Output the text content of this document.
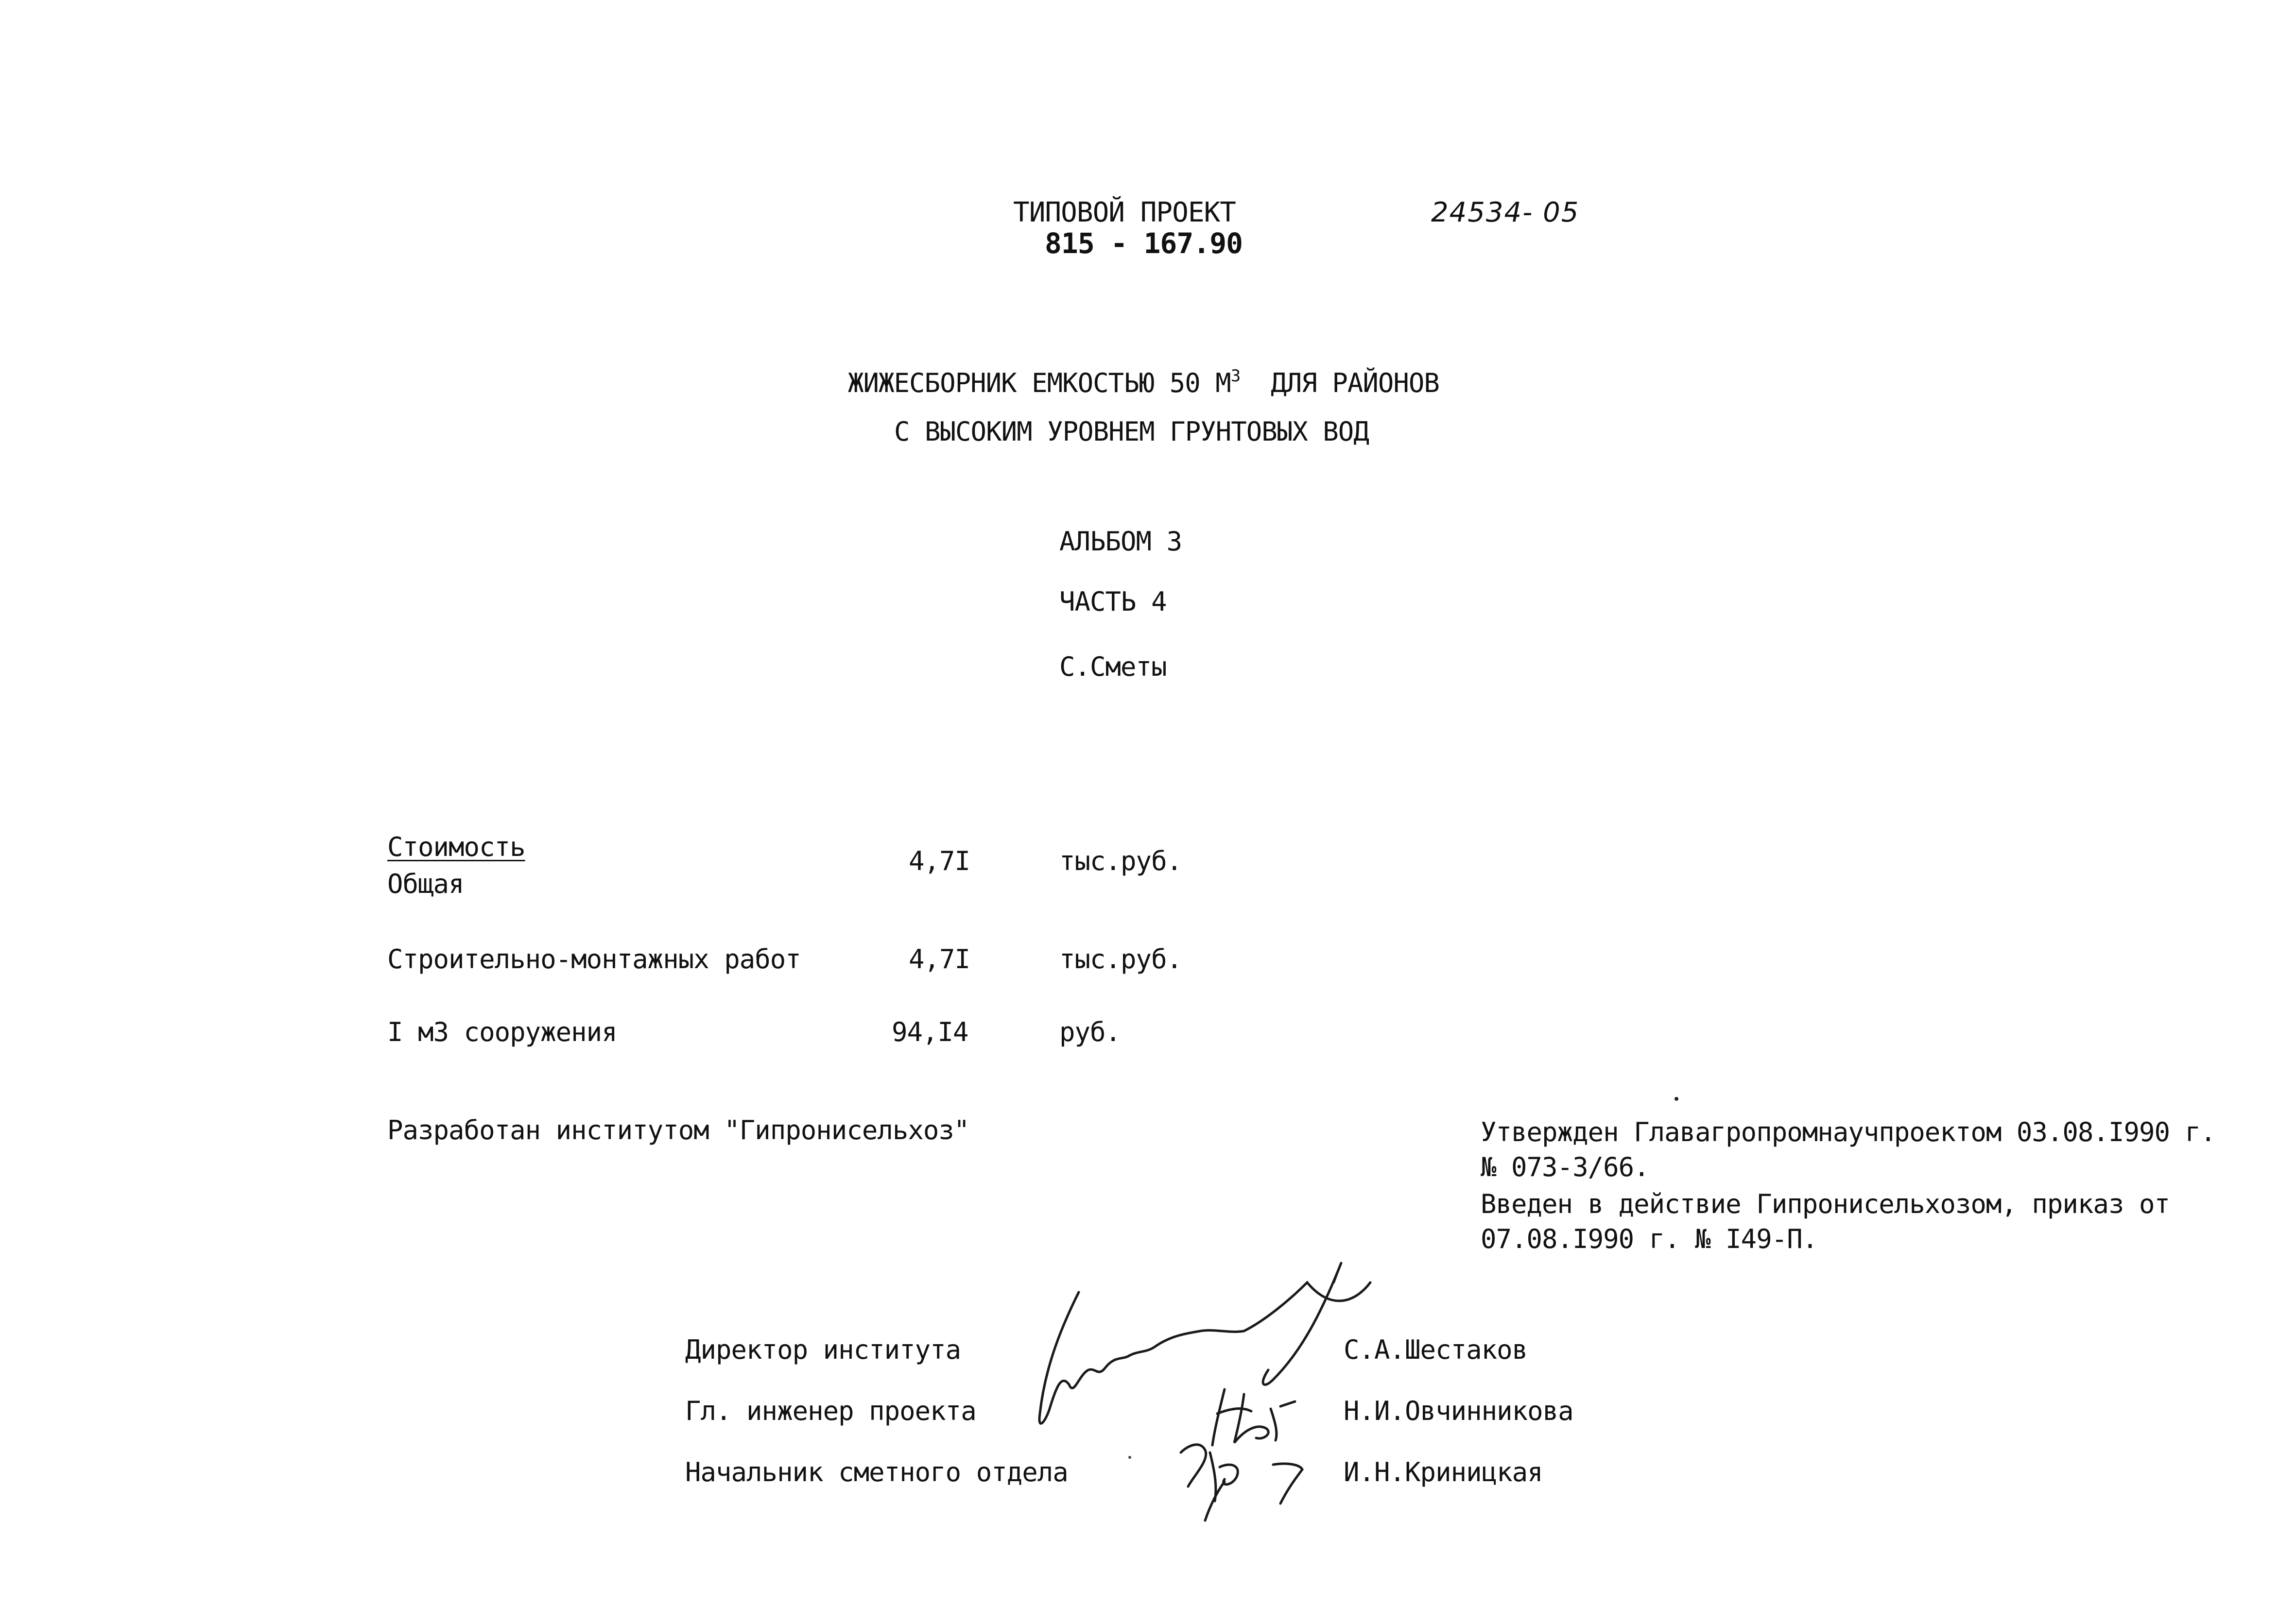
ТИПОВОЙ ПРОЕКТ
815 - 167.90
24534- 05
ЖИЖЕСБОРНИК ЕМКОСТЬЮ 50 $М^3$ ДЛЯ РАЙОНОВ
С ВЫСОКИМ УРОВНЕМ ГРУНТОВЫХ ВОД
АЛЬБОМ 3
ЧАСТЬ 4
С.Сметы
Стоимость
Общая
4,7I	тыс.руб.
Строительно-монтажных работ	4,7I	тыс.руб.
I м3 сооружения	94,I4	руб.
Разработан институтом "Гипронисельхоз"	Утвержден Главагропромнаучпроектом 03.08.I990 г.
№ 073-3/66.
Введен в действие Гипронисельхозом, приказ от
07.08.I990 г. № I49-П.
Директор института	С.А.Шестаков
Гл. инженер проекта	Н.И.Овчинникова
Начальник сметного отдела	И.Н.Криницкая
